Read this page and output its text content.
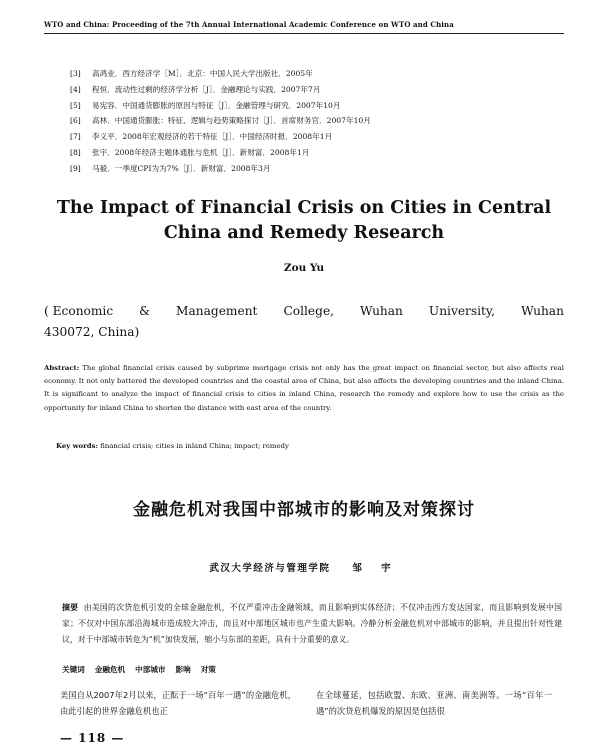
WTO and China: Proceeding of the 7th Annual International Academic Conference on WTO and China
[3] 高鸿业．西方经济学［M］．北京：中国人民大学出版社．2005年
[4] 程恒．流动性过剩的经济学分析［J］．金融理论与实践．2007年7月
[5] 易宪容．中国通货膨胀的原因与特征［J］．金融管理与研究．2007年10月
[6] 高林．中国通货膨胀：特征、逻辑与趋势策略探讨［J］．首席财务官．2007年10月
[7] 李义平．2008年宏观经济的若干特征［J］．中国经济时报．2008年1月
[8] 张宇．2008年经济主题体通胀与危机［J］．新财富．2008年1月
[9] 马毅．一季度CPI为为7%［J］．新财富．2008年3月
The Impact of Financial Crisis on Cities in Central China and Remedy Research
Zou Yu
( Economic & Management College, Wuhan University, Wuhan
430072, China)
Abstract: The global financial crisis caused by subprime mortgage crisis not only has the great impact on financial sector, but also affects real economy. It not only battered the developed countries and the coastal area of China, but also affects the developing countries and the inland China. It is significant to analyze the impact of financial crisis to cities in inland China, research the remedy and explore how to use the crisis as the opportunity for inland China to shorten the distance with east area of the country.
Key words: financial crisis; cities in inland China; impact; remedy
金融危机对我国中部城市的影响及对策探讨
武汉大学经济与管理学院 邹 宇
摘要 由美国的次贷危机引发的全球金融危机，不仅严重冲击金融领域，而且影响到实体经济；不仅冲击西方发达国家，而且影响到发展中国家；不仅对中国东部沿海城市造成较大冲击，而且对中部地区城市也产生重大影响。冷静分析金融危机对中部城市的影响，并且提出针对性建议，对于中部城市转危为“机”加快发展，缩小与东部的差距，具有十分重要的意义。
关键词 金融危机 中部城市 影响 对策
美国自从2007年2月以来，正酝于一场“百年一遇”的金融危机，由此引起的世界金融危机也正
在全球蔓延，包括欧盟、东欧、亚洲、南美洲等。一场“百年一遇”的次贷危机爆发的原因是包括很
— 118 —
